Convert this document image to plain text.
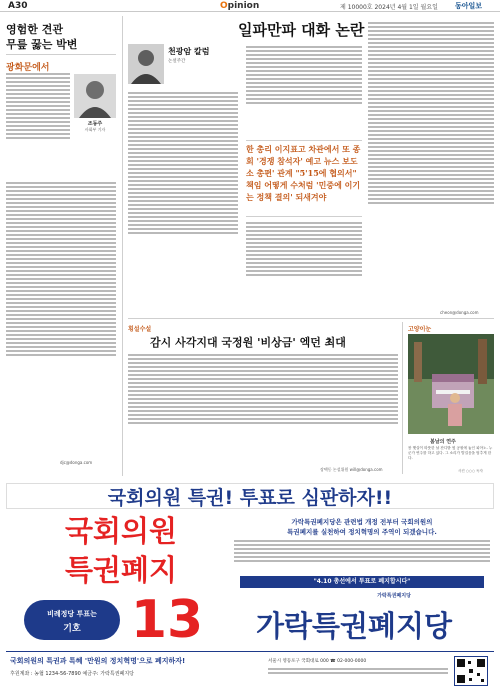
A30	Opinion	제 10000호 2024년 4월 1일 월요일 동아일보
영험한 견관
무릎 꿇는 박변
광화문에서
조동주
사회부 기자
djc@donga.com
일파만파 대화 논란
천광암 칼럼
논설주간
한 총리 이지표고 차관에서 또 종회 '경쟁 참석자' 예고 뉴스 보도 소 총편' 관계 "5'15에 협의서" 책임 어떻게 수처럼 '민중에 이기는 정책 결의' 되새겨야
cheon@donga.com
횡설수설
감시 사각지대 국정원 '비상금' 엑던 최대
장택동 논설위원 will@donga.com
고양이눈
봄날의 연주
봄 햇살이 따뜻한 날 잔디밭 옆 공원에 놓인 피아노. 누군가 연주를 하고 있다. 그 소리가 발걸음을 멈추게 한다.
사진 ○○○ 독자
국회의원 특권! 투표로 심판하자!!
국회의원
특권폐지
가락특권폐지당은 관련법 개정 전부터 국회의원의
특권폐지를 실천하여 정치혁명의 주역이 되겠습니다.
"4.10 총선에서 투표로 폐지합시다"
가락특권폐지당
비례정당 투표는
기호 13	가락특권폐지당
국회의원의 특권과 특혜 '만원의 정치혁명'으로 폐지하자!
후원계좌 : 농협 1234-56-7890 예금주: 가락특권폐지당
서울시 영등포구 국회대로 000 ☎ 02-000-0000
